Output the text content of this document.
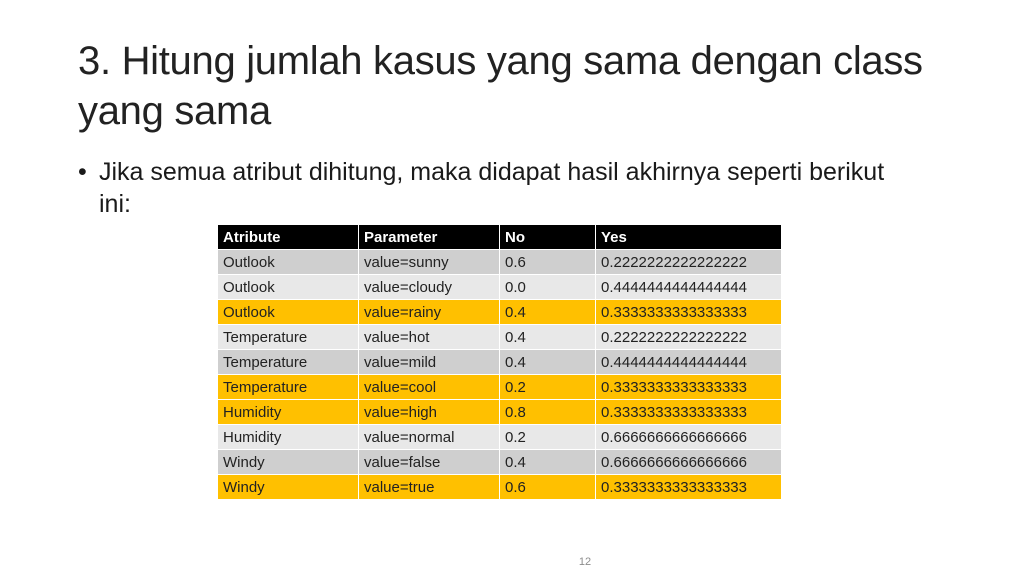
3. Hitung jumlah kasus yang sama dengan class yang sama
• Jika semua atribut dihitung, maka didapat hasil akhirnya seperti berikut ini:
Atribute	Parameter	No	Yes
Outlook	value=sunny	0.6	0.2222222222222222
Outlook	value=cloudy	0.0	0.4444444444444444
Outlook	value=rainy	0.4	0.3333333333333333
Temperature	value=hot	0.4	0.2222222222222222
Temperature	value=mild	0.4	0.4444444444444444
Temperature	value=cool	0.2	0.3333333333333333
Humidity	value=high	0.8	0.3333333333333333
Humidity	value=normal	0.2	0.6666666666666666
Windy	value=false	0.4	0.6666666666666666
Windy	value=true	0.6	0.3333333333333333
12
